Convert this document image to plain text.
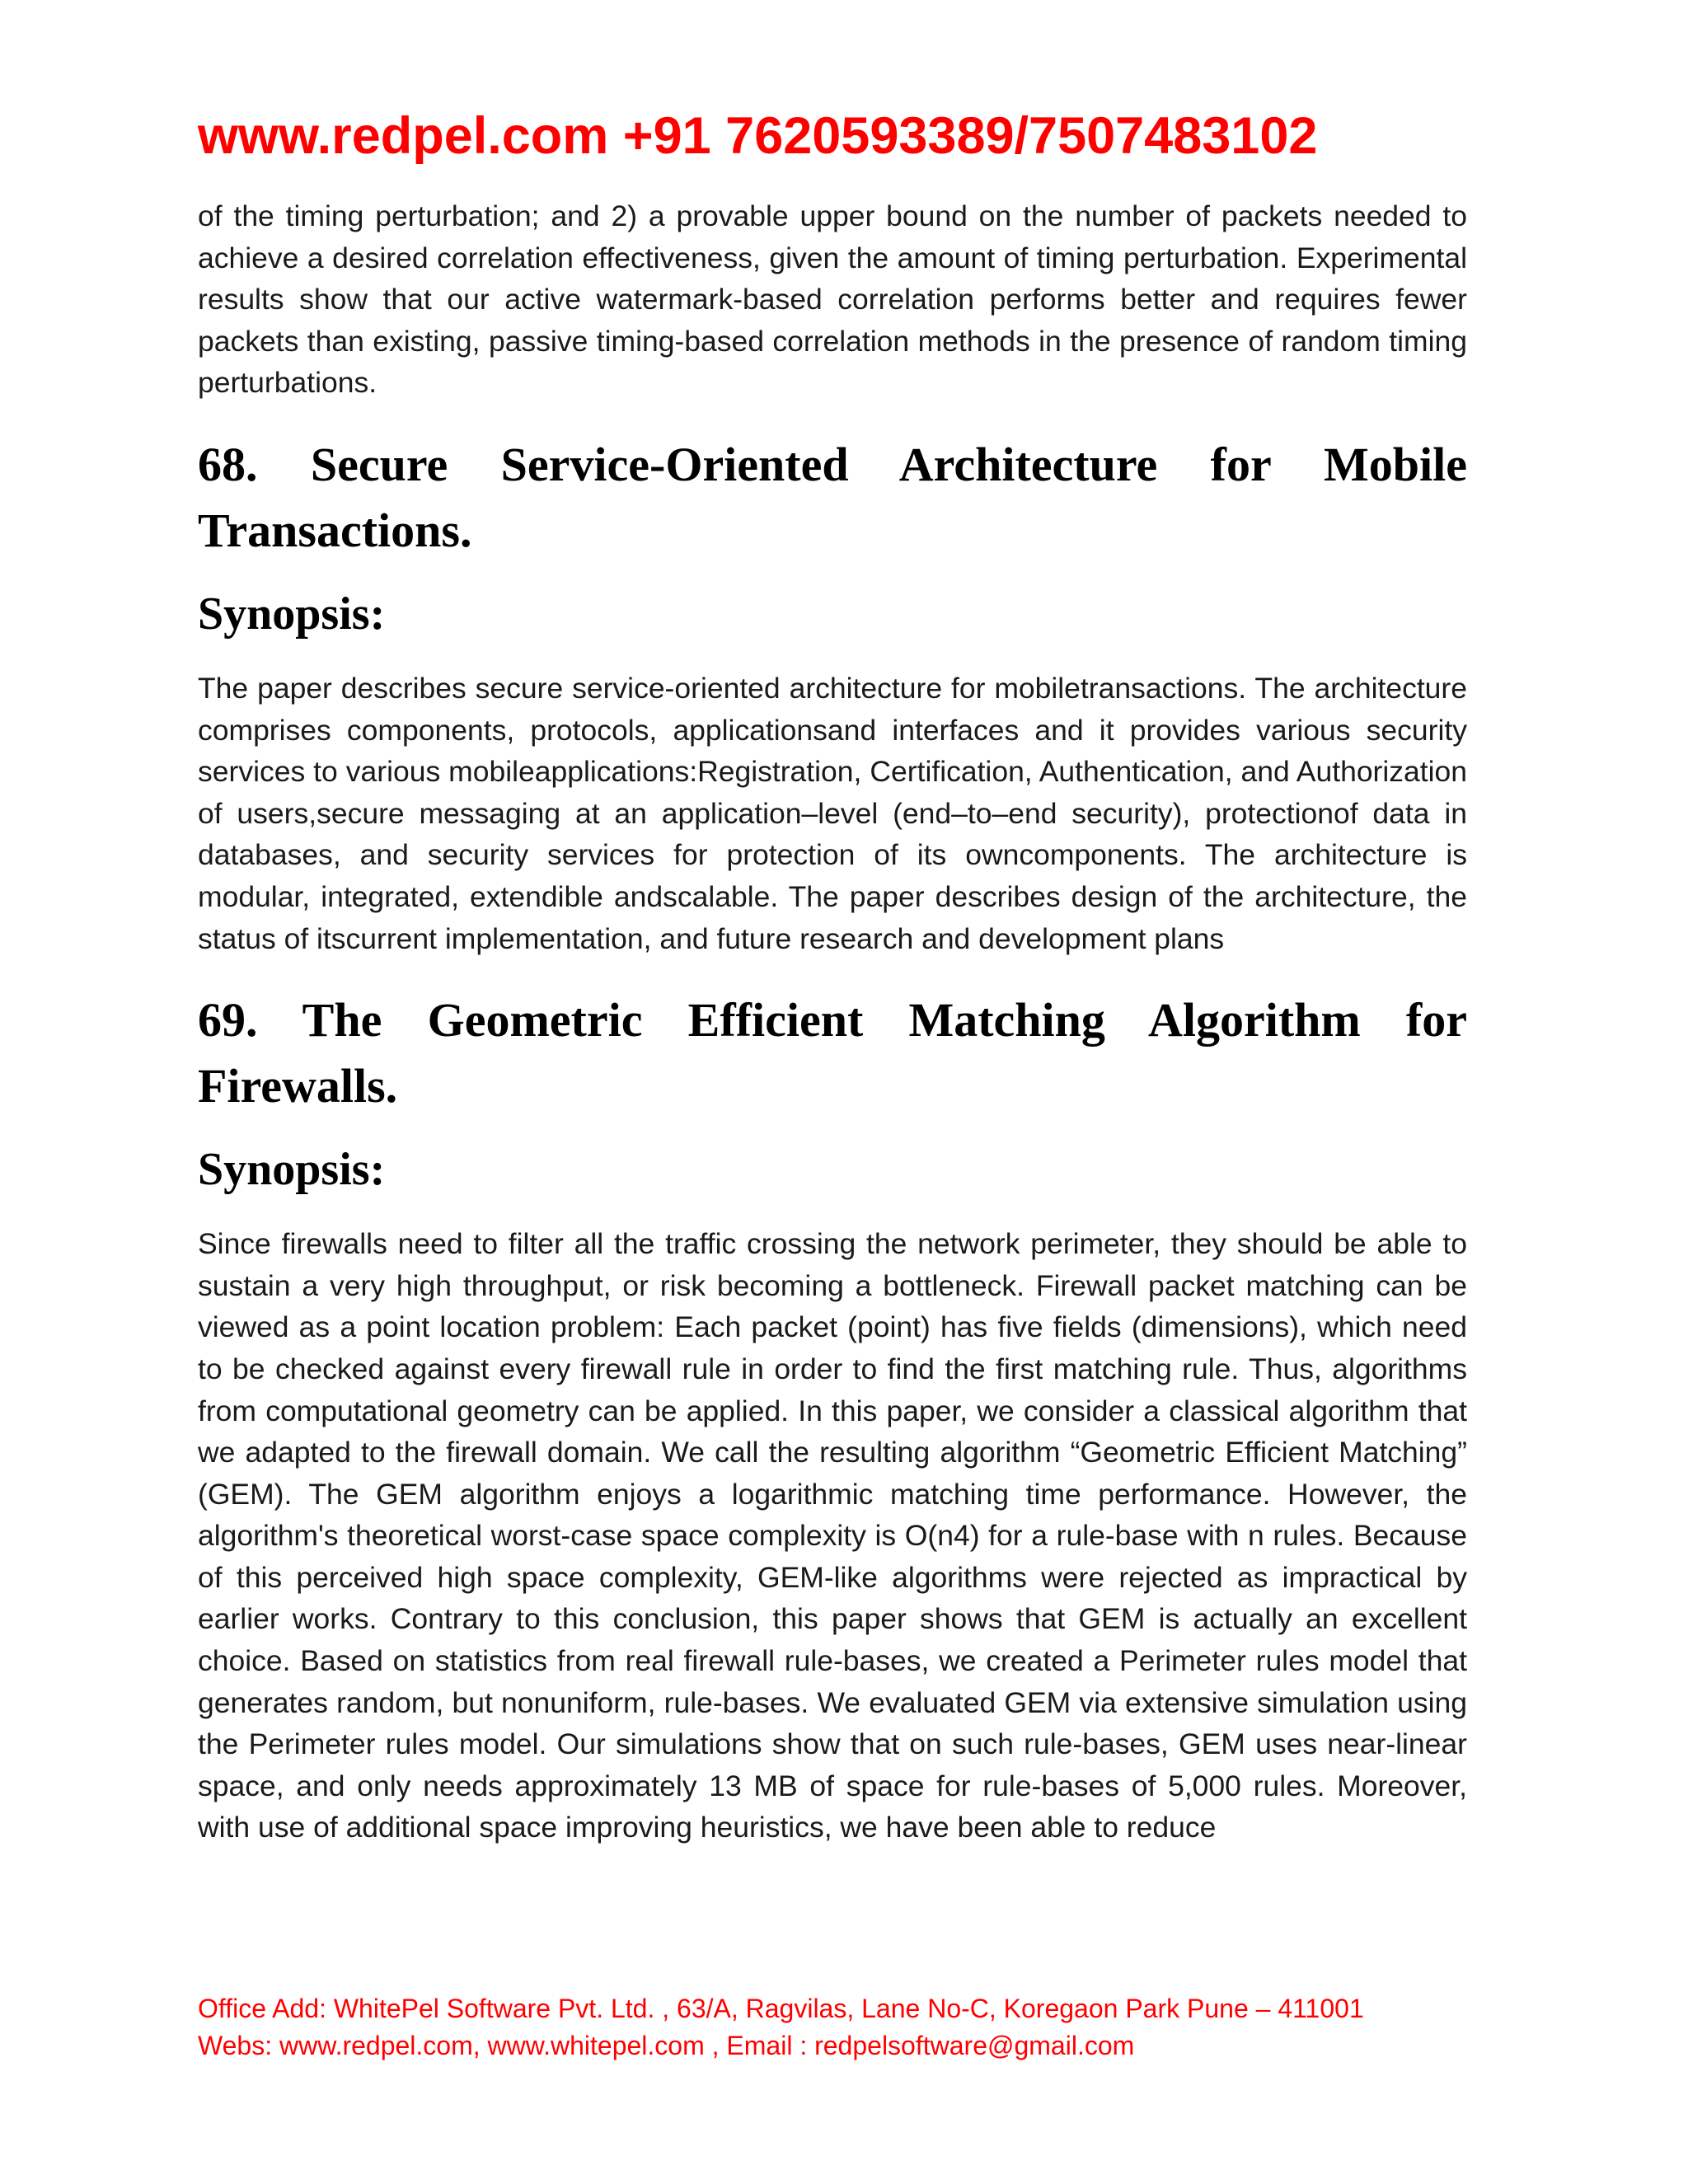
www.redpel.com +91 7620593389/7507483102

of the timing perturbation; and 2) a provable upper bound on the number of packets needed to achieve a desired correlation effectiveness, given the amount of timing perturbation. Experimental results show that our active watermark-based correlation performs better and requires fewer packets than existing, passive timing-based correlation methods in the presence of random timing perturbations.

68. Secure Service-Oriented Architecture for Mobile Transactions.
Synopsis:

The paper describes secure service-oriented architecture for mobiletransactions. The architecture comprises components, protocols, applicationsand interfaces and it provides various security services to various mobileapplications:Registration, Certification, Authentication, and Authorization of users,secure messaging at an application–level (end–to–end security), protectionof data in databases, and security services for protection of its owncomponents. The architecture is modular, integrated, extendible andscalable. The paper describes design of the architecture, the status of itscurrent implementation, and future research and development plans

69. The Geometric Efficient Matching Algorithm for Firewalls.
Synopsis:

Since firewalls need to filter all the traffic crossing the network perimeter, they should be able to sustain a very high throughput, or risk becoming a bottleneck. Firewall packet matching can be viewed as a point location problem: Each packet (point) has five fields (dimensions), which need to be checked against every firewall rule in order to find the first matching rule. Thus, algorithms from computational geometry can be applied. In this paper, we consider a classical algorithm that we adapted to the firewall domain. We call the resulting algorithm “Geometric Efficient Matching” (GEM). The GEM algorithm enjoys a logarithmic matching time performance. However, the algorithm's theoretical worst-case space complexity is O(n4) for a rule-base with n rules. Because of this perceived high space complexity, GEM-like algorithms were rejected as impractical by earlier works. Contrary to this conclusion, this paper shows that GEM is actually an excellent choice. Based on statistics from real firewall rule-bases, we created a Perimeter rules model that generates random, but nonuniform, rule-bases. We evaluated GEM via extensive simulation using the Perimeter rules model. Our simulations show that on such rule-bases, GEM uses near-linear space, and only needs approximately 13 MB of space for rule-bases of 5,000 rules. Moreover, with use of additional space improving heuristics, we have been able to reduce

Office Add: WhitePel Software Pvt. Ltd. , 63/A, Ragvilas, Lane No-C, Koregaon Park Pune – 411001
Webs: www.redpel.com, www.whitepel.com , Email : redpelsoftware@gmail.com
